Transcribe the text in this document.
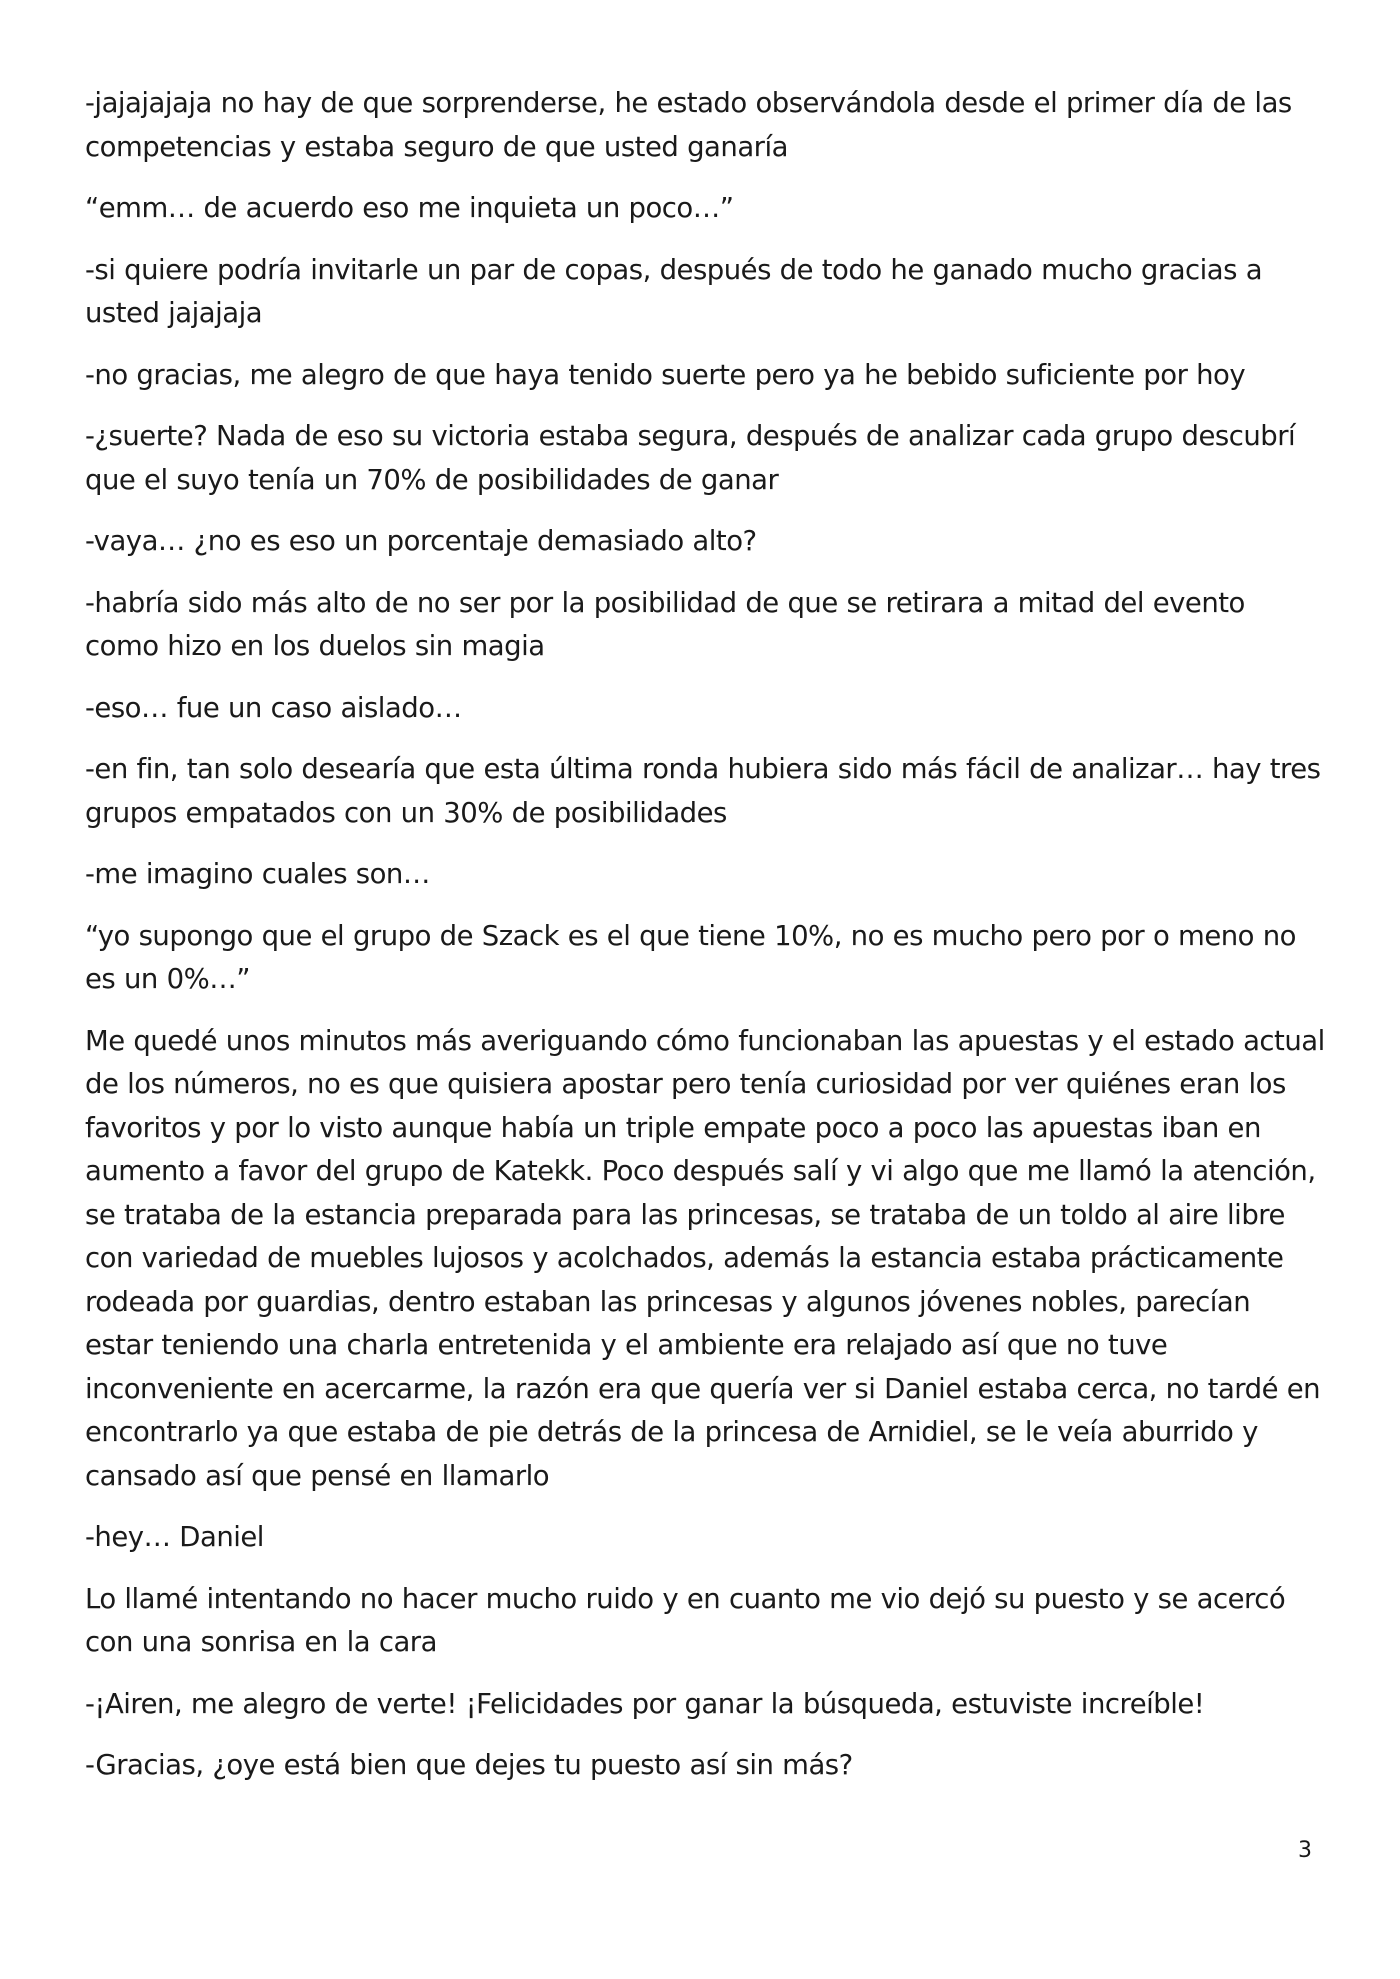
-jajajajaja no hay de que sorprenderse, he estado observándola desde el primer día de las competencias y estaba seguro de que usted ganaría

“emm… de acuerdo eso me inquieta un poco…”

-si quiere podría invitarle un par de copas, después de todo he ganado mucho gracias a usted jajajaja

-no gracias, me alegro de que haya tenido suerte pero ya he bebido suficiente por hoy

-¿suerte? Nada de eso su victoria estaba segura, después de analizar cada grupo descubrí que el suyo tenía un 70% de posibilidades de ganar

-vaya… ¿no es eso un porcentaje demasiado alto?

-habría sido más alto de no ser por la posibilidad de que se retirara a mitad del evento como hizo en los duelos sin magia

-eso… fue un caso aislado…

-en fin, tan solo desearía que esta última ronda hubiera sido más fácil de analizar… hay tres grupos empatados con un 30% de posibilidades

-me imagino cuales son…

“yo supongo que el grupo de Szack es el que tiene 10%, no es mucho pero por o meno no es un 0%…”

Me quedé unos minutos más averiguando cómo funcionaban las apuestas y el estado actual de los números, no es que quisiera apostar pero tenía curiosidad por ver quiénes eran los favoritos y por lo visto aunque había un triple empate poco a poco las apuestas iban en aumento a favor del grupo de Katekk. Poco después salí y vi algo que me llamó la atención, se trataba de la estancia preparada para las princesas, se trataba de un toldo al aire libre con variedad de muebles lujosos y acolchados, además la estancia estaba prácticamente rodeada por guardias, dentro estaban las princesas y algunos jóvenes nobles, parecían estar teniendo una charla entretenida y el ambiente era relajado así que no tuve inconveniente en acercarme, la razón era que quería ver si Daniel estaba cerca, no tardé en encontrarlo ya que estaba de pie detrás de la princesa de Arnidiel, se le veía aburrido y cansado así que pensé en llamarlo

-hey… Daniel

Lo llamé intentando no hacer mucho ruido y en cuanto me vio dejó su puesto y se acercó con una sonrisa en la cara

-¡Airen, me alegro de verte! ¡Felicidades por ganar la búsqueda, estuviste increíble!

-Gracias, ¿oye está bien que dejes tu puesto así sin más?

3
